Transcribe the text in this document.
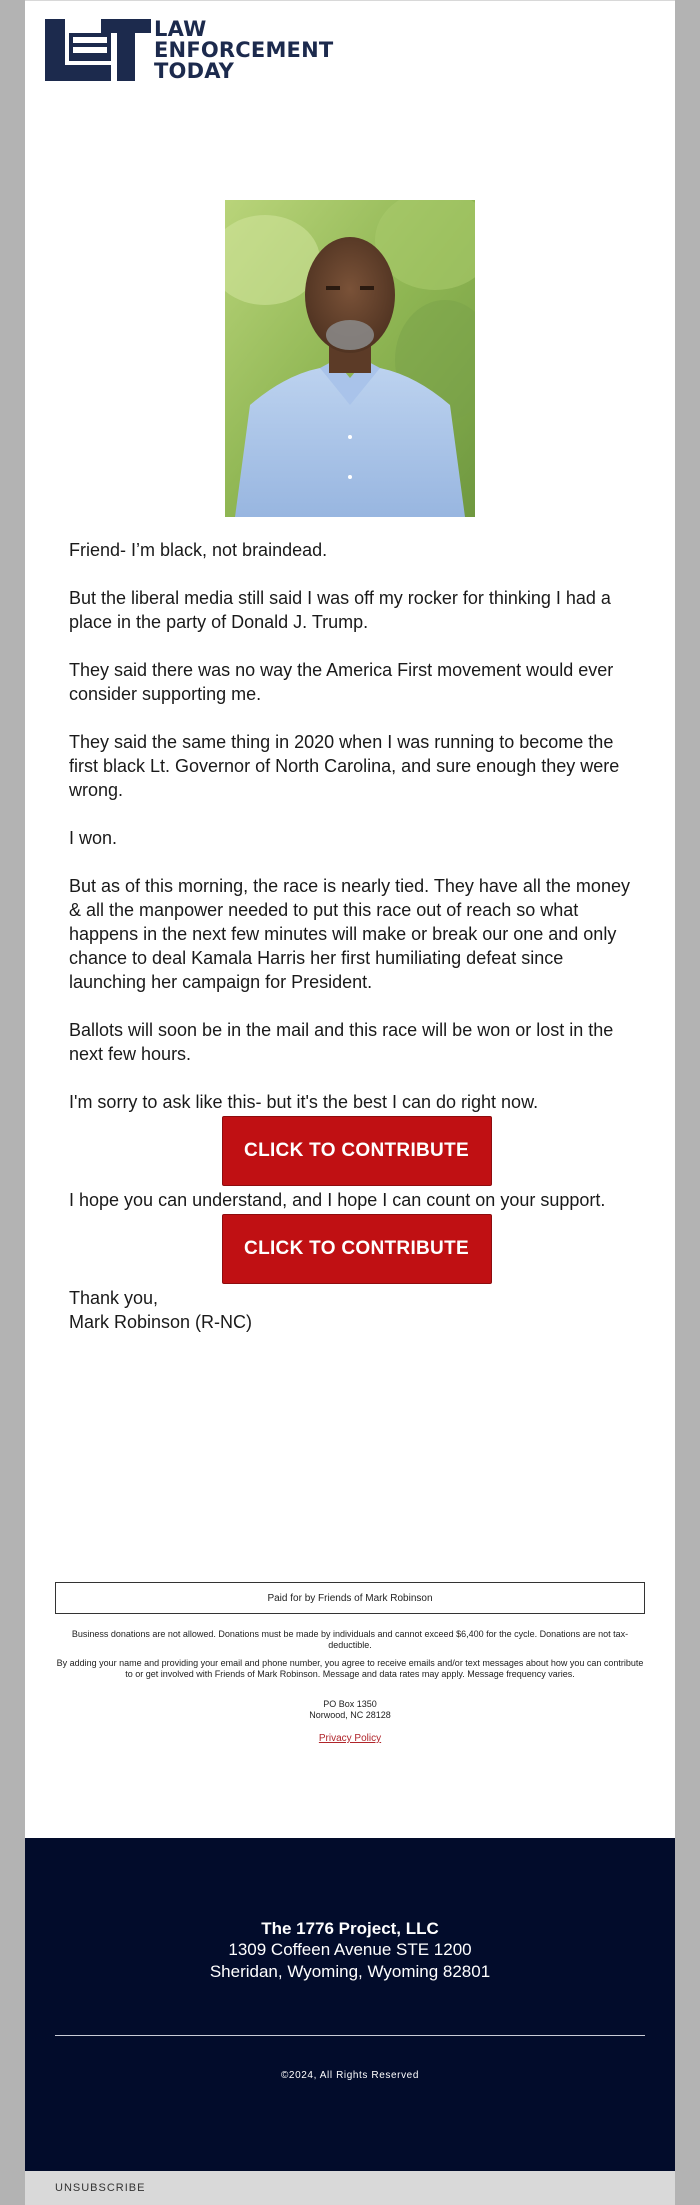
LAW
ENFORCEMENT
TODAY

Friend- I’m black, not braindead.

But the liberal media still said I was off my rocker for thinking I had a place in the party of Donald J. Trump.

They said there was no way the America First movement would ever consider supporting me.

They said the same thing in 2020 when I was running to become the first black Lt. Governor of North Carolina, and sure enough they were wrong.

I won.

But as of this morning, the race is nearly tied. They have all the money & all the manpower needed to put this race out of reach so what happens in the next few minutes will make or break our one and only chance to deal Kamala Harris her first humiliating defeat since launching her campaign for President.

Ballots will soon be in the mail and this race will be won or lost in the next few hours.

I'm sorry to ask like this- but it's the best I can do right now.

CLICK TO CONTRIBUTE

I hope you can understand, and I hope I can count on your support.

CLICK TO CONTRIBUTE
Thank you,
Mark Robinson (R-NC)
Paid for by Friends of Mark Robinson

Business donations are not allowed. Donations must be made by individuals and cannot exceed $6,400 for the cycle. Donations are not tax-deductible.

By adding your name and providing your email and phone number, you agree to receive emails and/or text messages about how you can contribute to or get involved with Friends of Mark Robinson. Message and data rates may apply. Message frequency varies.

PO Box 1350
Norwood, NC 28128
Privacy Policy
The 1776 Project, LLC
1309 Coffeen Avenue STE 1200
Sheridan, Wyoming, Wyoming 82801
©2024, All Rights Reserved
UNSUBSCRIBE
